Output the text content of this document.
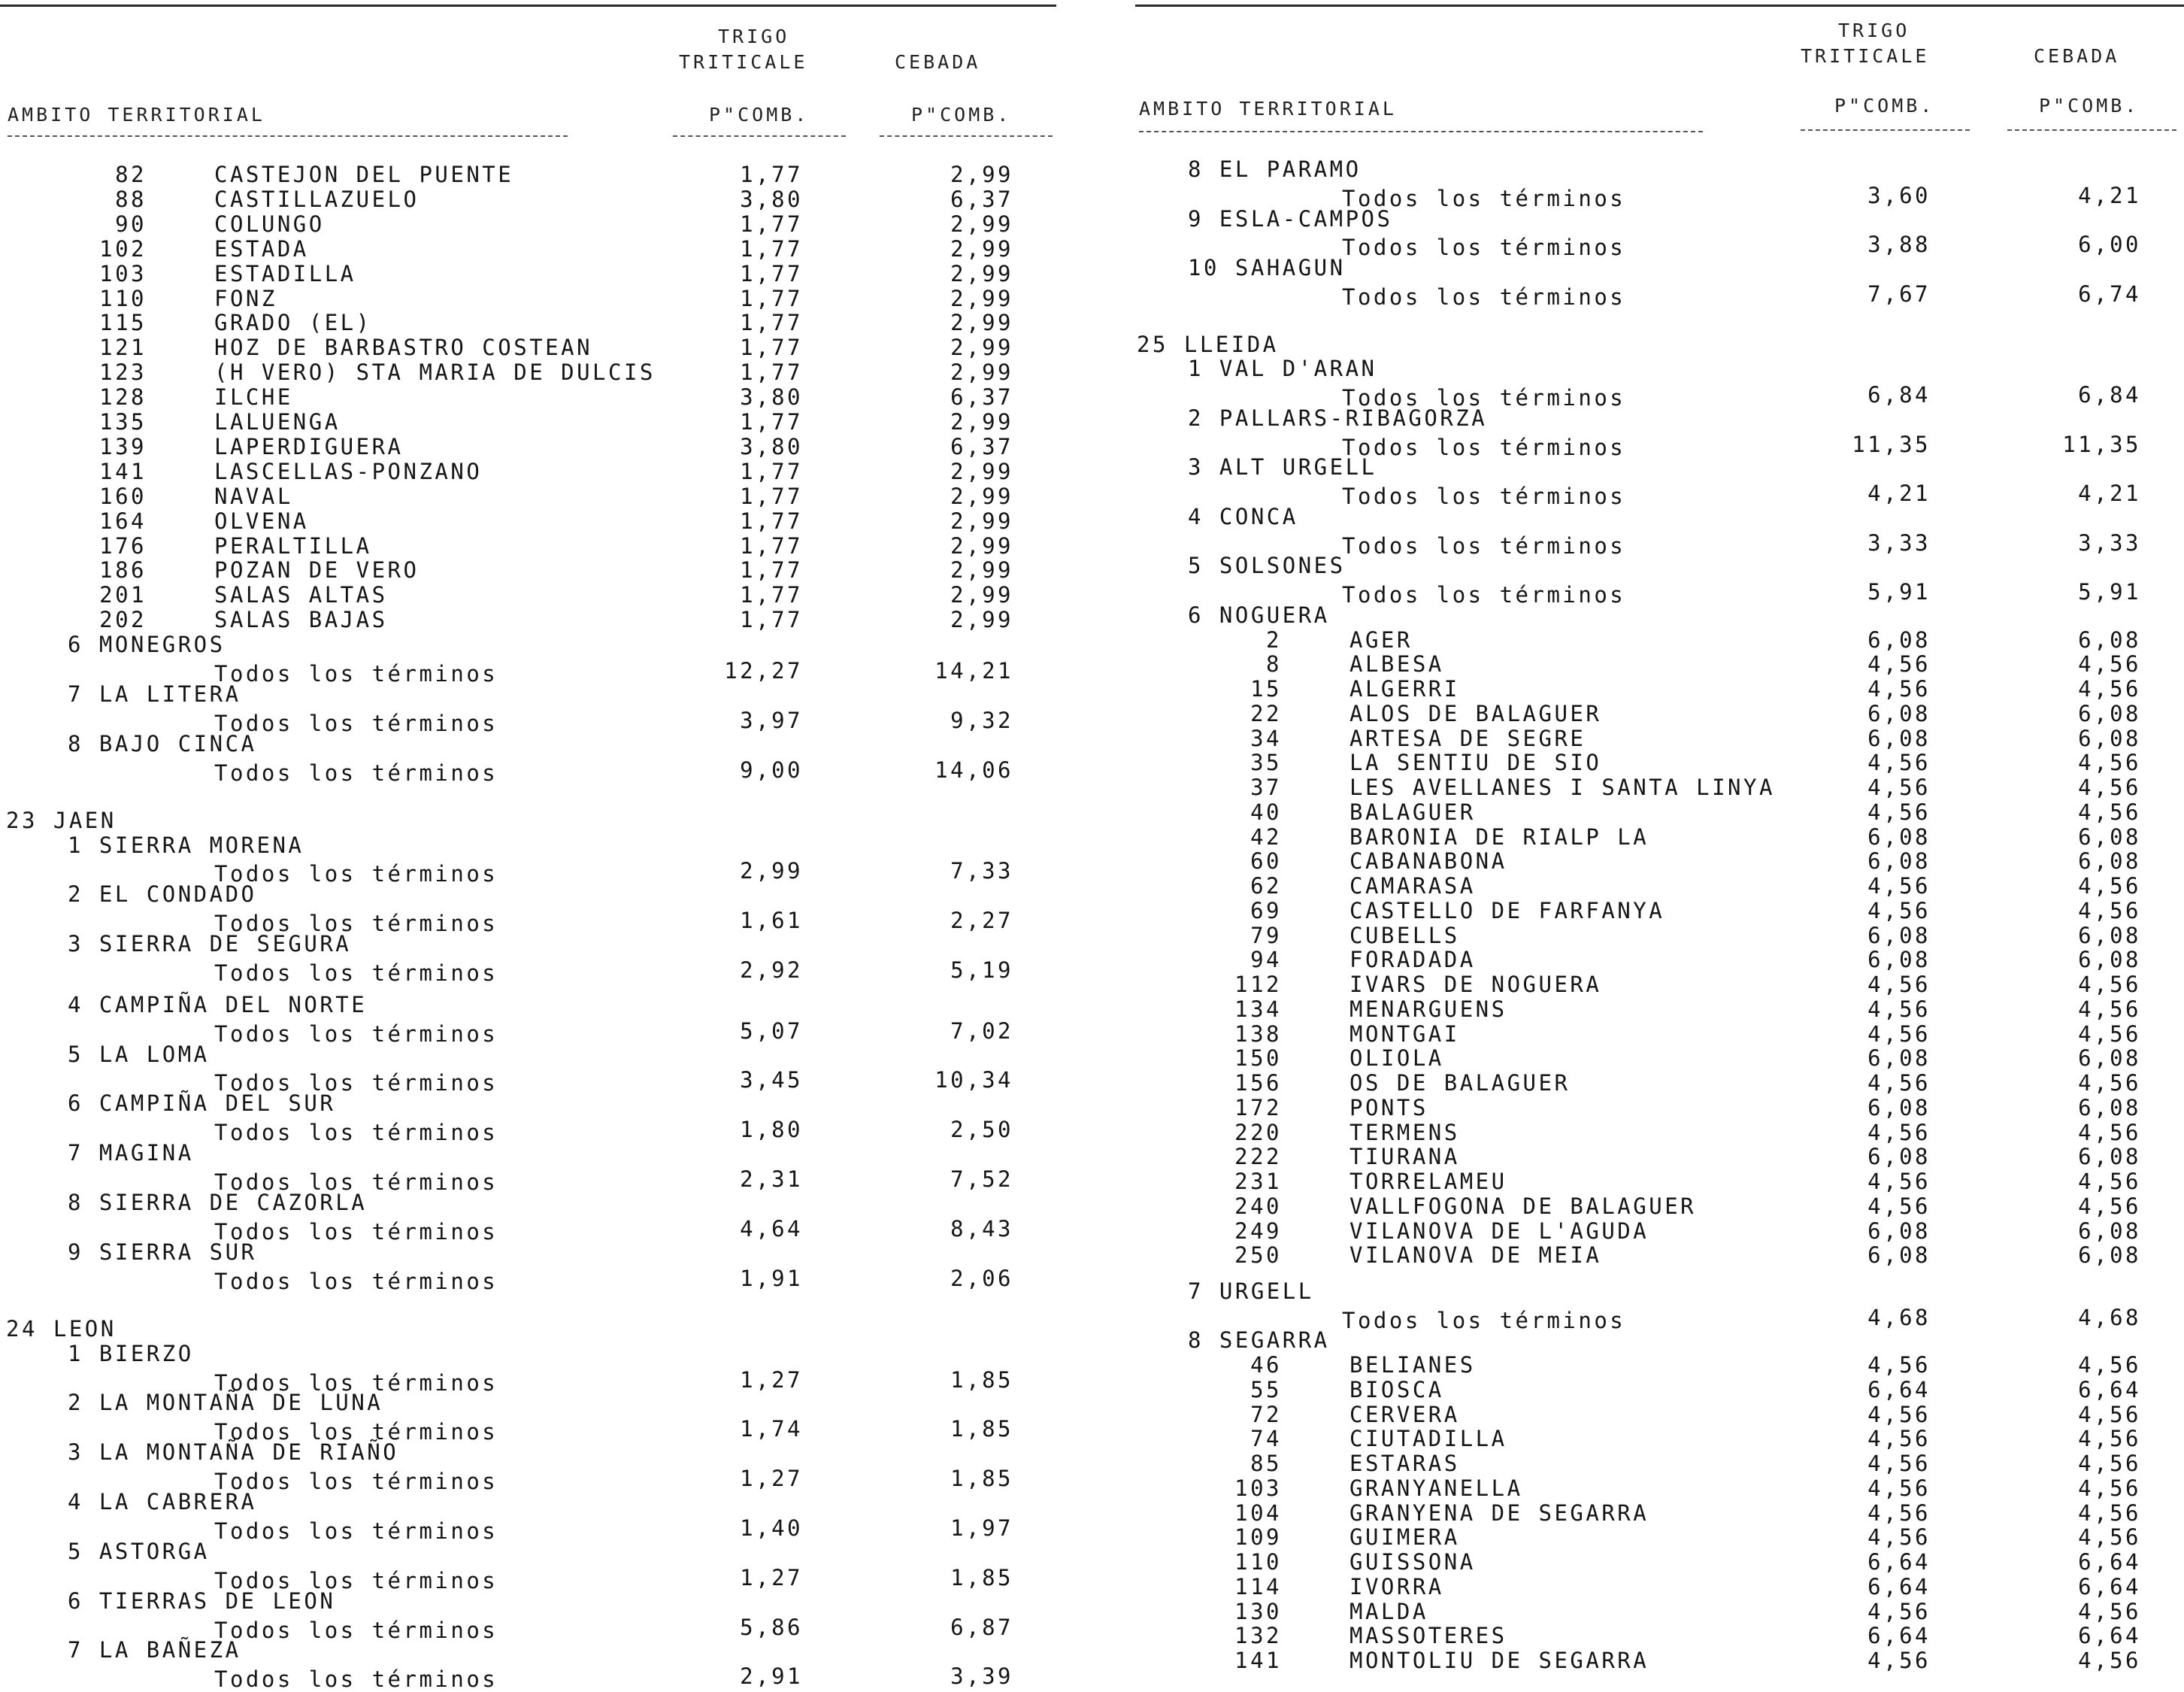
TRIGO
TRITICALE	CEBADA
AMBITO TERRITORIAL	P"COMB.	P"COMB.
82	CASTEJON DEL PUENTE	1,77	2,99
88	CASTILLAZUELO	3,80	6,37
90	COLUNGO	1,77	2,99
102	ESTADA	1,77	2,99
103	ESTADILLA	1,77	2,99
110	FONZ	1,77	2,99
115	GRADO (EL)	1,77	2,99
121	HOZ DE BARBASTRO COSTEAN	1,77	2,99
123	(H VERO) STA MARIA DE DULCIS	1,77	2,99
128	ILCHE	3,80	6,37
135	LALUENGA	1,77	2,99
139	LAPERDIGUERA	3,80	6,37
141	LASCELLAS-PONZANO	1,77	2,99
160	NAVAL	1,77	2,99
164	OLVENA	1,77	2,99
176	PERALTILLA	1,77	2,99
186	POZAN DE VERO	1,77	2,99
201	SALAS ALTAS	1,77	2,99
202	SALAS BAJAS	1,77	2,99
6 MONEGROS
Todos los términos	12,27	14,21
7 LA LITERA
Todos los términos	3,97	9,32
8 BAJO CINCA
Todos los términos	9,00	14,06
23 JAEN
1 SIERRA MORENA
Todos los términos	2,99	7,33
2 EL CONDADO
Todos los términos	1,61	2,27
3 SIERRA DE SEGURA
Todos los términos	2,92	5,19
4 CAMPIÑA DEL NORTE
Todos los términos	5,07	7,02
5 LA LOMA
Todos los términos	3,45	10,34
6 CAMPIÑA DEL SUR
Todos los términos	1,80	2,50
7 MAGINA
Todos los términos	2,31	7,52
8 SIERRA DE CAZORLA
Todos los términos	4,64	8,43
9 SIERRA SUR
Todos los términos	1,91	2,06
24 LEON
1 BIERZO
Todos los términos	1,27	1,85
2 LA MONTAÑA DE LUNA
Todos los términos	1,74	1,85
3 LA MONTAÑA DE RIAÑO
Todos los términos	1,27	1,85
4 LA CABRERA
Todos los términos	1,40	1,97
5 ASTORGA
Todos los términos	1,27	1,85
6 TIERRAS DE LEON
Todos los términos	5,86	6,87
7 LA BAÑEZA
Todos los términos	2,91	3,39
TRIGO
TRITICALE	CEBADA
AMBITO TERRITORIAL	P"COMB.	P"COMB.
8 EL PARAMO
Todos los términos	3,60	4,21
9 ESLA-CAMPOS
Todos los términos	3,88	6,00
10 SAHAGUN
Todos los términos	7,67	6,74
25 LLEIDA
1 VAL D'ARAN
Todos los términos	6,84	6,84
2 PALLARS-RIBAGORZA
Todos los términos	11,35	11,35
3 ALT URGELL
Todos los términos	4,21	4,21
4 CONCA
Todos los términos	3,33	3,33
5 SOLSONES
Todos los términos	5,91	5,91
6 NOGUERA
2	AGER	6,08	6,08
8	ALBESA	4,56	4,56
15	ALGERRI	4,56	4,56
22	ALOS DE BALAGUER	6,08	6,08
34	ARTESA DE SEGRE	6,08	6,08
35	LA SENTIU DE SIO	4,56	4,56
37	LES AVELLANES I SANTA LINYA	4,56	4,56
40	BALAGUER	4,56	4,56
42	BARONIA DE RIALP LA	6,08	6,08
60	CABANABONA	6,08	6,08
62	CAMARASA	4,56	4,56
69	CASTELLO DE FARFANYA	4,56	4,56
79	CUBELLS	6,08	6,08
94	FORADADA	6,08	6,08
112	IVARS DE NOGUERA	4,56	4,56
134	MENARGUENS	4,56	4,56
138	MONTGAI	4,56	4,56
150	OLIOLA	6,08	6,08
156	OS DE BALAGUER	4,56	4,56
172	PONTS	6,08	6,08
220	TERMENS	4,56	4,56
222	TIURANA	6,08	6,08
231	TORRELAMEU	4,56	4,56
240	VALLFOGONA DE BALAGUER	4,56	4,56
249	VILANOVA DE L'AGUDA	6,08	6,08
250	VILANOVA DE MEIA	6,08	6,08
7 URGELL
Todos los términos	4,68	4,68
8 SEGARRA
46	BELIANES	4,56	4,56
55	BIOSCA	6,64	6,64
72	CERVERA	4,56	4,56
74	CIUTADILLA	4,56	4,56
85	ESTARAS	4,56	4,56
103	GRANYANELLA	4,56	4,56
104	GRANYENA DE SEGARRA	4,56	4,56
109	GUIMERA	4,56	4,56
110	GUISSONA	6,64	6,64
114	IVORRA	6,64	6,64
130	MALDA	4,56	4,56
132	MASSOTERES	6,64	6,64
141	MONTOLIU DE SEGARRA	4,56	4,56
